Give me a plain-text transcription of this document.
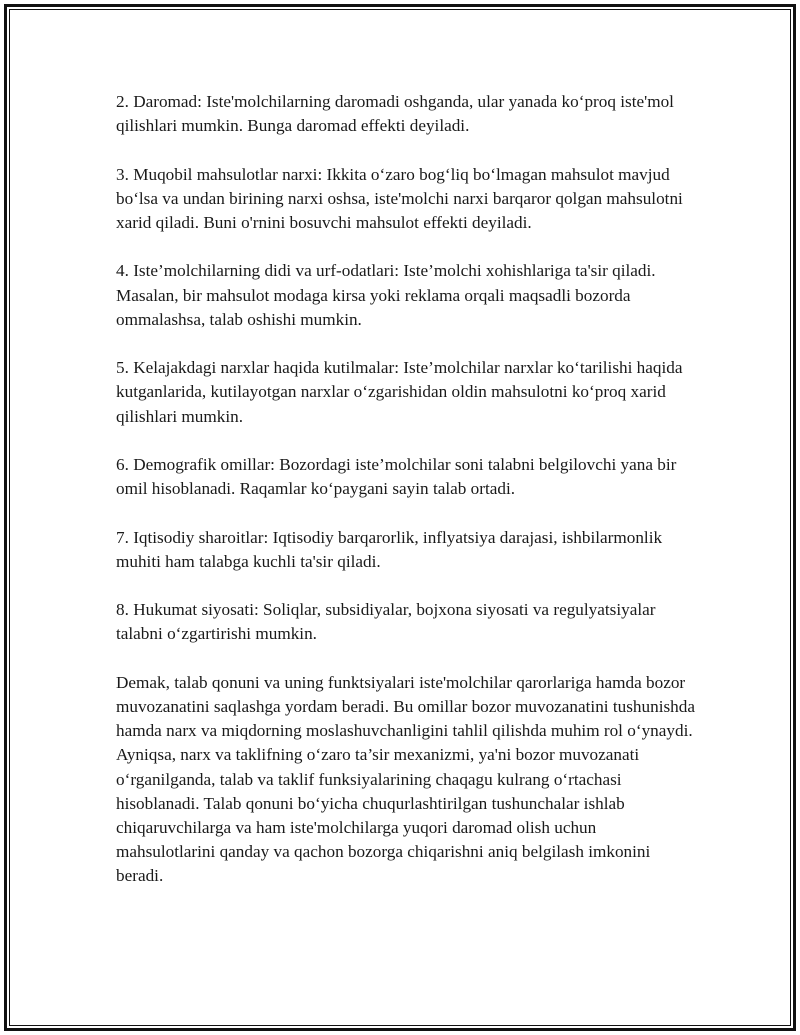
2. Daromad: Iste'molchilarning daromadi oshganda, ular yanada ko‘proq iste'mol qilishlari mumkin. Bunga daromad effekti deyiladi.

3. Muqobil mahsulotlar narxi: Ikkita o‘zaro bog‘liq bo‘lmagan mahsulot mavjud bo‘lsa va undan birining narxi oshsa, iste'molchi narxi barqaror qolgan mahsulotni xarid qiladi. Buni o'rnini bosuvchi mahsulot effekti deyiladi.

4. Iste’molchilarning didi va urf-odatlari: Iste’molchi xohishlariga ta'sir qiladi. Masalan, bir mahsulot modaga kirsa yoki reklama orqali maqsadli bozorda ommalashsa, talab oshishi mumkin.

5. Kelajakdagi narxlar haqida kutilmalar: Iste’molchilar narxlar ko‘tarilishi haqida kutganlarida, kutilayotgan narxlar o‘zgarishidan oldin mahsulotni ko‘proq xarid qilishlari mumkin.

6. Demografik omillar: Bozordagi iste’molchilar soni talabni belgilovchi yana bir omil hisoblanadi. Raqamlar ko‘paygani sayin talab ortadi.

7. Iqtisodiy sharoitlar: Iqtisodiy barqarorlik, inflyatsiya darajasi, ishbilarmonlik muhiti ham talabga kuchli ta'sir qiladi.

8. Hukumat siyosati: Soliqlar, subsidiyalar, bojxona siyosati va regulyatsiyalar talabni o‘zgartirishi mumkin.

Demak, talab qonuni va uning funktsiyalari iste'molchilar qarorlariga hamda bozor muvozanatini saqlashga yordam beradi. Bu omillar bozor muvozanatini tushunishda hamda narx va miqdorning moslashuvchanligini tahlil qilishda muhim rol o‘ynaydi. Ayniqsa, narx va taklifning o‘zaro ta’sir mexanizmi, ya'ni bozor muvozanati o‘rganilganda, talab va taklif funksiyalarining chaqagu kulrang o‘rtachasi hisoblanadi. Talab qonuni bo‘yicha chuqurlashtirilgan tushunchalar ishlab chiqaruvchilarga va ham iste'molchilarga yuqori daromad olish uchun mahsulotlarini qanday va qachon bozorga chiqarishni aniq belgilash imkonini beradi.
